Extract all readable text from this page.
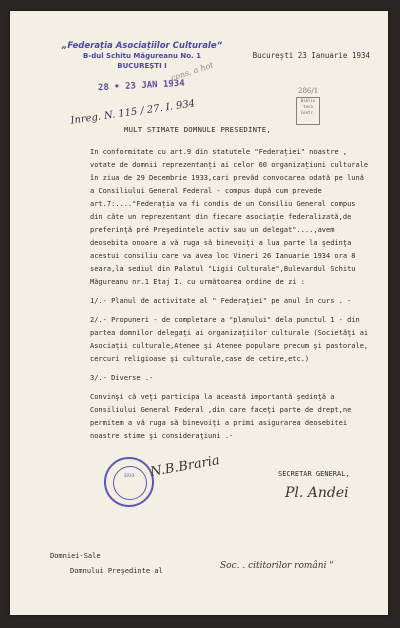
„Federația Asociațiilor Culturale“
B-dul Schitu Măgureanu No. 1
BUCUREȘTI I
București 23 Ianuarie 1934
28 • 23 JAN 1934
cons. a hot
286/1
Biblio
teca
Centr.
Inreg. N. 115 / 27. I. 934
MULT STIMATE DOMNULE PRESEDINTE,

In conformitate cu art.9 din statutele "Federației" noastre , votate de domnii reprezentanți ai celor 60 organizațiuni culturale în ziua de 29 Decembrie 1933,cari prevăd convocarea odată pe lună a Consiliului General Federal - compus după cum prevede art.7:...."Federația va fi condis de un Consiliu General compus din câte un reprezentant din fiecare asociaţie federalizată,de preferinţă pré Preşedintele activ sau un delegat"....,avem deosebita onoare a vă ruga să binevoiţi a lua parte la şedinţa acestui consiliu care va avea loc Vineri 26 Ianuarie 1934 ora 8 seara,la sediul din Palatul "Ligii Culturale",Bulevardul Schitu Măgureanu nr.1 Etaj I. cu următoarea ordine de zi :

1/.- Planul de activitate al " Federaţiei" pe anul în curs . -

2/.- Propuneri - de completare a "planului" dela punctul 1 - din partea domnilor delegaţi ai organizaţiilor culturale (Societăţi ai Asociaţii culturale,Atenee şi Atenee populare precum şi pastorale, cercuri religioase şi culturale,case de cetire,etc.)

3/.- Diverse .-

Convinşi că veţi participa la această importantă şedinţă a Consiliului General Federal ,din care faceţi parte de drept,ne permitem a vă ruga să binevoiţi a primi asigurarea deosebitei noastre stime şi consideraţiuni .-

1933	N.B.Braria	SECRETAR GENERAL,
Pl. Andei
Domniei-Sale
Domnului Preşedinte al	Soc. . cititorilor români "
